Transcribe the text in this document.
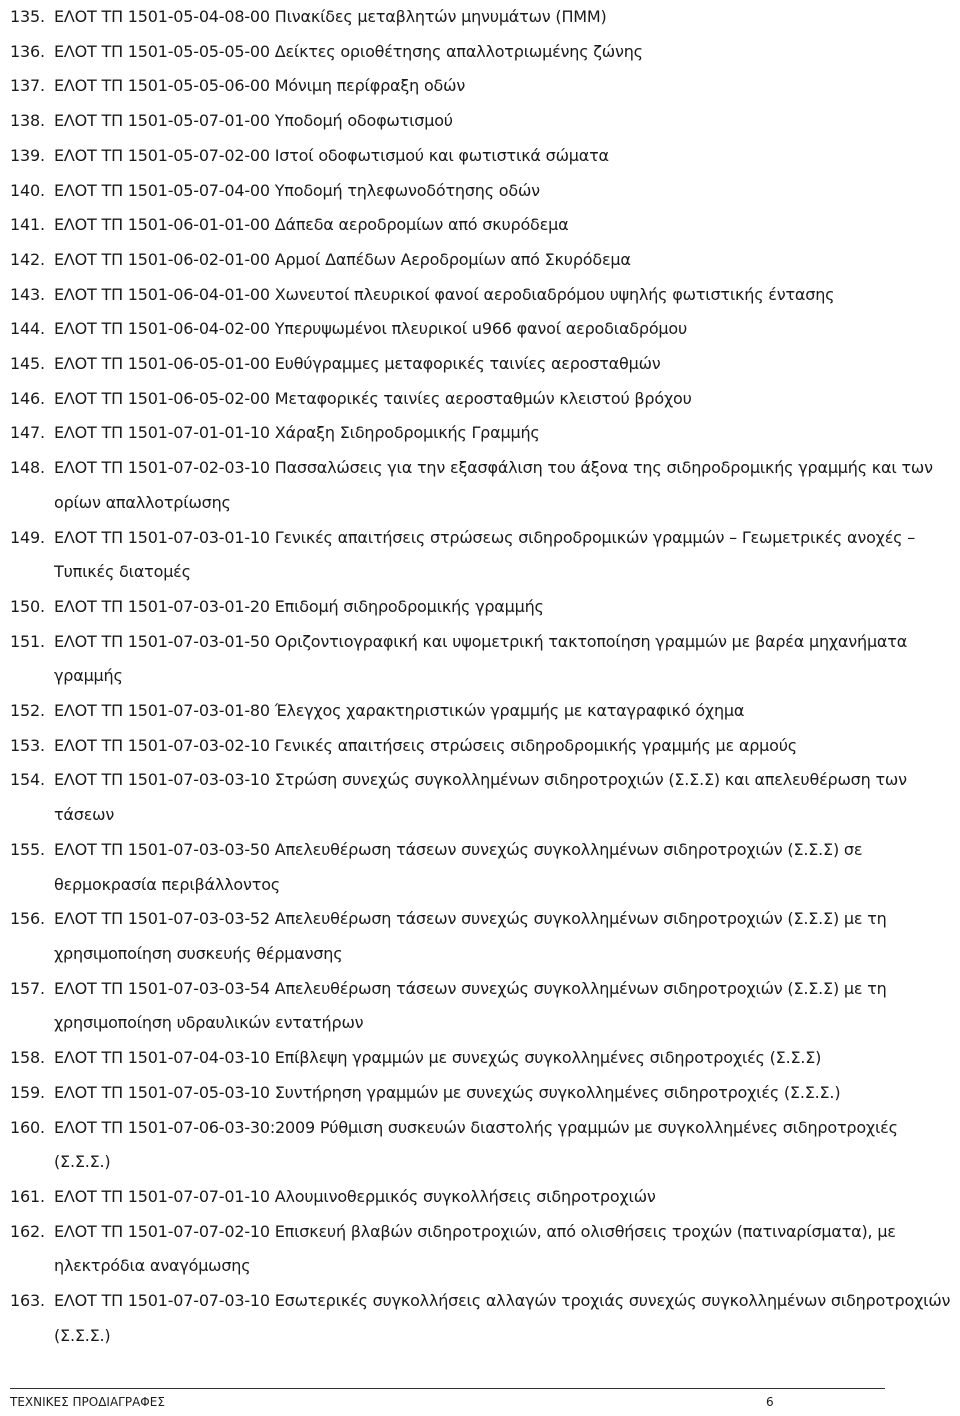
135. ΕΛΟΤ ΤΠ 1501-05-04-08-00 Πινακίδες μεταβλητών μηνυμάτων (ΠΜΜ)
136. ΕΛΟΤ ΤΠ 1501-05-05-05-00 Δείκτες οριοθέτησης απαλλοτριωμένης ζώνης
137. ΕΛΟΤ ΤΠ 1501-05-05-06-00 Μόνιμη περίφραξη οδών
138. ΕΛΟΤ ΤΠ 1501-05-07-01-00 Υποδομή οδοφωτισμού
139. ΕΛΟΤ ΤΠ 1501-05-07-02-00 Ιστοί οδοφωτισμού και φωτιστικά σώματα
140. ΕΛΟΤ ΤΠ 1501-05-07-04-00 Υποδομή τηλεφωνοδότησης οδών
141. ΕΛΟΤ ΤΠ 1501-06-01-01-00 Δάπεδα αεροδρομίων από σκυρόδεμα
142. ΕΛΟΤ ΤΠ 1501-06-02-01-00 Αρμοί Δαπέδων Αεροδρομίων από Σκυρόδεμα
143. ΕΛΟΤ ΤΠ 1501-06-04-01-00 Χωνευτοί πλευρικοί φανοί αεροδιαδρόμου υψηλής φωτιστικής έντασης
144. ΕΛΟΤ ΤΠ 1501-06-04-02-00 Υπερυψωμένοι πλευρικοί u966 φανοί αεροδιαδρόμου
145. ΕΛΟΤ ΤΠ 1501-06-05-01-00 Ευθύγραμμες μεταφορικές ταινίες αεροσταθμών
146. ΕΛΟΤ ΤΠ 1501-06-05-02-00 Μεταφορικές ταινίες αεροσταθμών κλειστού βρόχου
147. ΕΛΟΤ ΤΠ 1501-07-01-01-10 Χάραξη Σιδηροδρομικής Γραμμής
148. ΕΛΟΤ ΤΠ 1501-07-02-03-10 Πασσαλώσεις για την εξασφάλιση του άξονα της σιδηροδρομικής γραμμής και των ορίων απαλλοτρίωσης
149. ΕΛΟΤ ΤΠ 1501-07-03-01-10 Γενικές απαιτήσεις στρώσεως σιδηροδρομικών γραμμών – Γεωμετρικές ανοχές – Τυπικές διατομές
150. ΕΛΟΤ ΤΠ 1501-07-03-01-20 Επιδομή σιδηροδρομικής γραμμής
151. ΕΛΟΤ ΤΠ 1501-07-03-01-50 Οριζοντιογραφική και υψομετρική τακτοποίηση γραμμών με βαρέα μηχανήματα γραμμής
152. ΕΛΟΤ ΤΠ 1501-07-03-01-80 Έλεγχος χαρακτηριστικών γραμμής με καταγραφικό όχημα
153. ΕΛΟΤ ΤΠ 1501-07-03-02-10 Γενικές απαιτήσεις στρώσεις σιδηροδρομικής γραμμής με αρμούς
154. ΕΛΟΤ ΤΠ 1501-07-03-03-10 Στρώση συνεχώς συγκολλημένων σιδηροτροχιών (Σ.Σ.Σ) και απελευθέρωση των τάσεων
155. ΕΛΟΤ ΤΠ 1501-07-03-03-50 Απελευθέρωση τάσεων συνεχώς συγκολλημένων σιδηροτροχιών (Σ.Σ.Σ) σε θερμοκρασία περιβάλλοντος
156. ΕΛΟΤ ΤΠ 1501-07-03-03-52 Απελευθέρωση τάσεων συνεχώς συγκολλημένων σιδηροτροχιών (Σ.Σ.Σ) με τη χρησιμοποίηση συσκευής θέρμανσης
157. ΕΛΟΤ ΤΠ 1501-07-03-03-54 Απελευθέρωση τάσεων συνεχώς συγκολλημένων σιδηροτροχιών (Σ.Σ.Σ) με τη χρησιμοποίηση υδραυλικών εντατήρων
158. ΕΛΟΤ ΤΠ 1501-07-04-03-10 Επίβλεψη γραμμών με συνεχώς συγκολλημένες σιδηροτροχιές (Σ.Σ.Σ)
159. ΕΛΟΤ ΤΠ 1501-07-05-03-10 Συντήρηση γραμμών με συνεχώς συγκολλημένες σιδηροτροχιές (Σ.Σ.Σ.)
160. ΕΛΟΤ ΤΠ 1501-07-06-03-30:2009 Ρύθμιση συσκευών διαστολής γραμμών με συγκολλημένες σιδηροτροχιές (Σ.Σ.Σ.)
161. ΕΛΟΤ ΤΠ 1501-07-07-01-10 Αλουμινοθερμικός συγκολλήσεις σιδηροτροχιών
162. ΕΛΟΤ ΤΠ 1501-07-07-02-10 Επισκευή βλαβών σιδηροτροχιών, από ολισθήσεις τροχών (πατιναρίσματα), με ηλεκτρόδια αναγόμωσης
163. ΕΛΟΤ ΤΠ 1501-07-07-03-10 Εσωτερικές συγκολλήσεις αλλαγών τροχιάς συνεχώς συγκολλημένων σιδηροτροχιών (Σ.Σ.Σ.)
ΤΕΧΝΙΚΕΣ ΠΡΟΔΙΑΓΡΑΦΕΣ	6
